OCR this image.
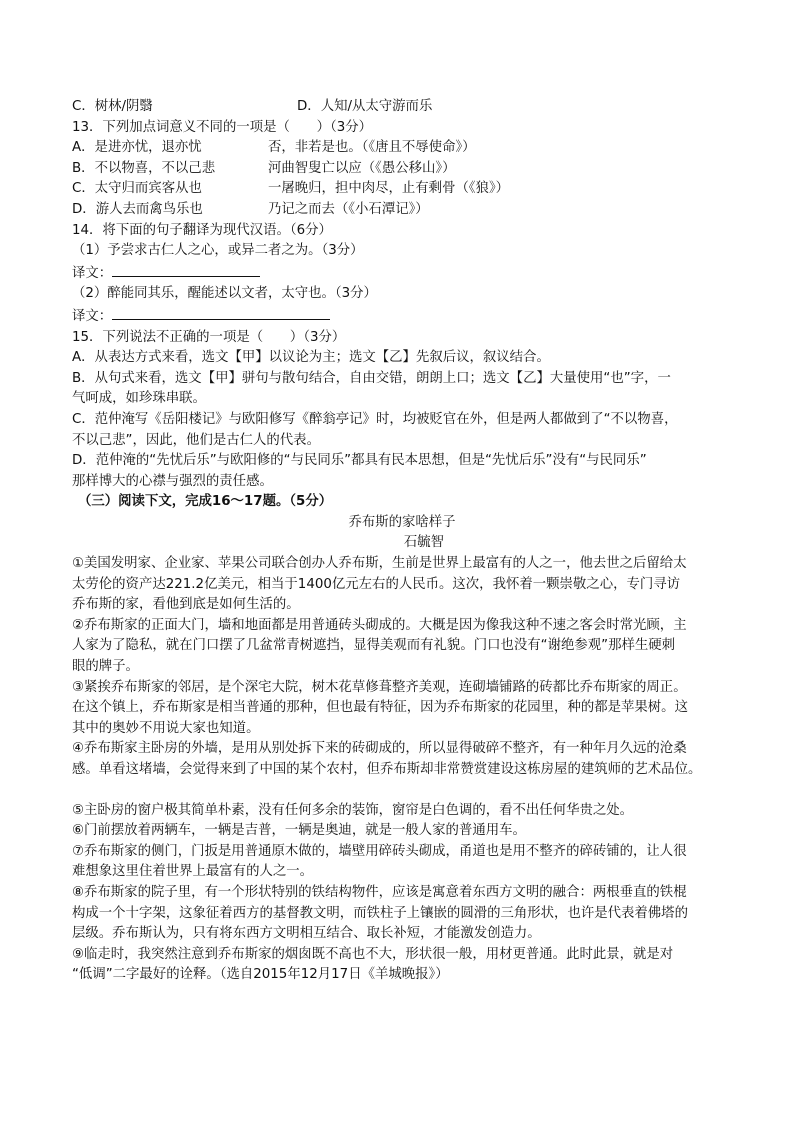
C．树林/阴翳	D．人知/从太守游而乐
13．下列加点词意义不同的一项是（　　）（3分）
A．是进亦忧，退亦忧	否，非若是也。（《唐且不辱使命》）
B．不以物喜，不以己悲	河曲智叟亡以应（《愚公移山》）
C．太守归而宾客从也	一屠晚归，担中肉尽，止有剩骨（《狼》）
D．游人去而禽鸟乐也	乃记之而去（《小石潭记》）
14．将下面的句子翻译为现代汉语。（6分）
（1）予尝求古仁人之心，或异二者之为。（3分）
译文：
（2）醉能同其乐，醒能述以文者，太守也。（3分）
译文：
15．下列说法不正确的一项是（　　）（3分）
A．从表达方式来看，选文【甲】以议论为主；选文【乙】先叙后议，叙议结合。
B．从句式来看，选文【甲】骈句与散句结合，自由交错，朗朗上口；选文【乙】大量使用“也”字，一
气呵成，如珍珠串联。
C．范仲淹写《岳阳楼记》与欧阳修写《醉翁亭记》时，均被贬官在外，但是两人都做到了“不以物喜，
不以己悲”，因此，他们是古仁人的代表。
D．范仲淹的“先忧后乐”与欧阳修的“与民同乐”都具有民本思想，但是“先忧后乐”没有“与民同乐”
那样博大的心襟与强烈的责任感。
（三）阅读下文，完成16～17题。（5分）
乔布斯的家啥样子
石毓智
①美国发明家、企业家、苹果公司联合创办人乔布斯，生前是世界上最富有的人之一，他去世之后留给太
太劳伦的资产达221.2亿美元，相当于1400亿元左右的人民币。这次，我怀着一颗崇敬之心，专门寻访
乔布斯的家，看他到底是如何生活的。
②乔布斯家的正面大门，墙和地面都是用普通砖头砌成的。大概是因为像我这种不速之客会时常光顾，主
人家为了隐私，就在门口摆了几盆常青树遮挡，显得美观而有礼貌。门口也没有“谢绝参观”那样生硬刺
眼的牌子。
③紧挨乔布斯家的邻居，是个深宅大院，树木花草修葺整齐美观，连砌墙铺路的砖都比乔布斯家的周正。
在这个镇上，乔布斯家是相当普通的那种，但也最有特征，因为乔布斯家的花园里，种的都是苹果树。这
其中的奥妙不用说大家也知道。
④乔布斯家主卧房的外墙，是用从别处拆下来的砖砌成的，所以显得破碎不整齐，有一种年月久远的沧桑
感。单看这堵墙，会觉得来到了中国的某个农村，但乔布斯却非常赞赏建设这栋房屋的建筑师的艺术品位。
⑤主卧房的窗户极其简单朴素，没有任何多余的装饰，窗帘是白色调的，看不出任何华贵之处。
⑥门前摆放着两辆车，一辆是吉普，一辆是奥迪，就是一般人家的普通用车。
⑦乔布斯家的侧门，门扳是用普通原木做的，墙壁用碎砖头砌成，甬道也是用不整齐的碎砖铺的，让人很
难想象这里住着世界上最富有的人之一。
⑧乔布斯家的院子里，有一个形状特别的铁结构物件，应该是寓意着东西方文明的融合：两根垂直的铁棍
构成一个十字架，这象征着西方的基督教文明，而铁柱子上镶嵌的圆滑的三角形状，也许是代表着佛塔的
层级。乔布斯认为，只有将东西方文明相互结合、取长补短，才能激发创造力。
⑨临走时，我突然注意到乔布斯家的烟囱既不高也不大，形状很一般，用材更普通。此时此景，就是对
“低调”二字最好的诠释。（选自2015年12月17日《羊城晚报》）
